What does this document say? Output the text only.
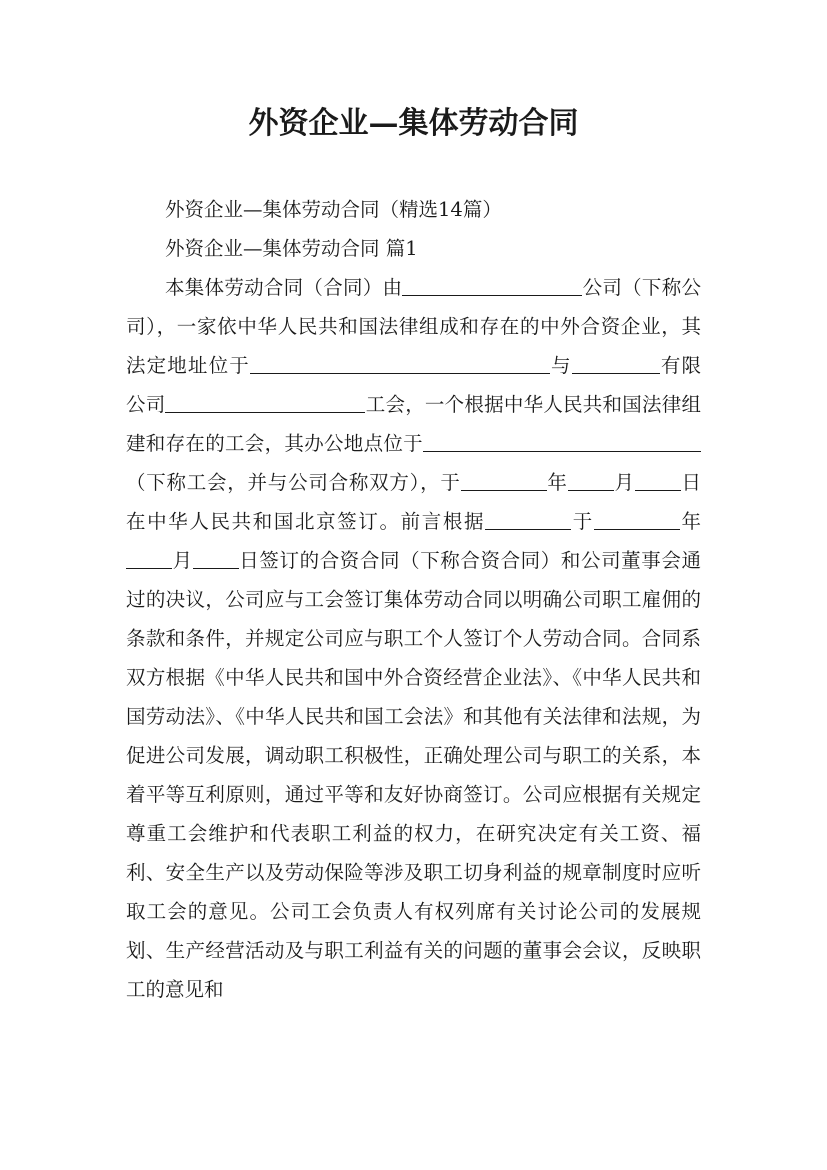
外资企业—集体劳动合同

外资企业—集体劳动合同（精选14篇）

外资企业—集体劳动合同 篇1

本集体劳动合同（合同）由	公司（下称公司），一家依中华人民共和国法律组成和存在的中外合资企业，其法定地址位于	与	有限公司	工会，一个根据中华人民共和国法律组建和存在的工会，其办公地点位于（下称工会，并与公司合称双方），于	年 月 日在中华人民共和国北京签订。前言根据	于	年月 日签订的合资合同（下称合资合同）和公司董事会通过的决议，公司应与工会签订集体劳动合同以明确公司职工雇佣的条款和条件，并规定公司应与职工个人签订个人劳动合同。合同系双方根据《中华人民共和国中外合资经营企业法》、《中华人民共和国劳动法》、《中华人民共和国工会法》和其他有关法律和法规，为促进公司发展，调动职工积极性，正确处理公司与职工的关系，本着平等互利原则，通过平等和友好协商签订。公司应根据有关规定尊重工会维护和代表职工利益的权力，在研究决定有关工资、福利、安全生产以及劳动保险等涉及职工切身利益的规章制度时应听取工会的意见。公司工会负责人有权列席有关讨论公司的发展规划、生产经营活动及与职工利益有关的问题的董事会会议，反映职工的意见和
